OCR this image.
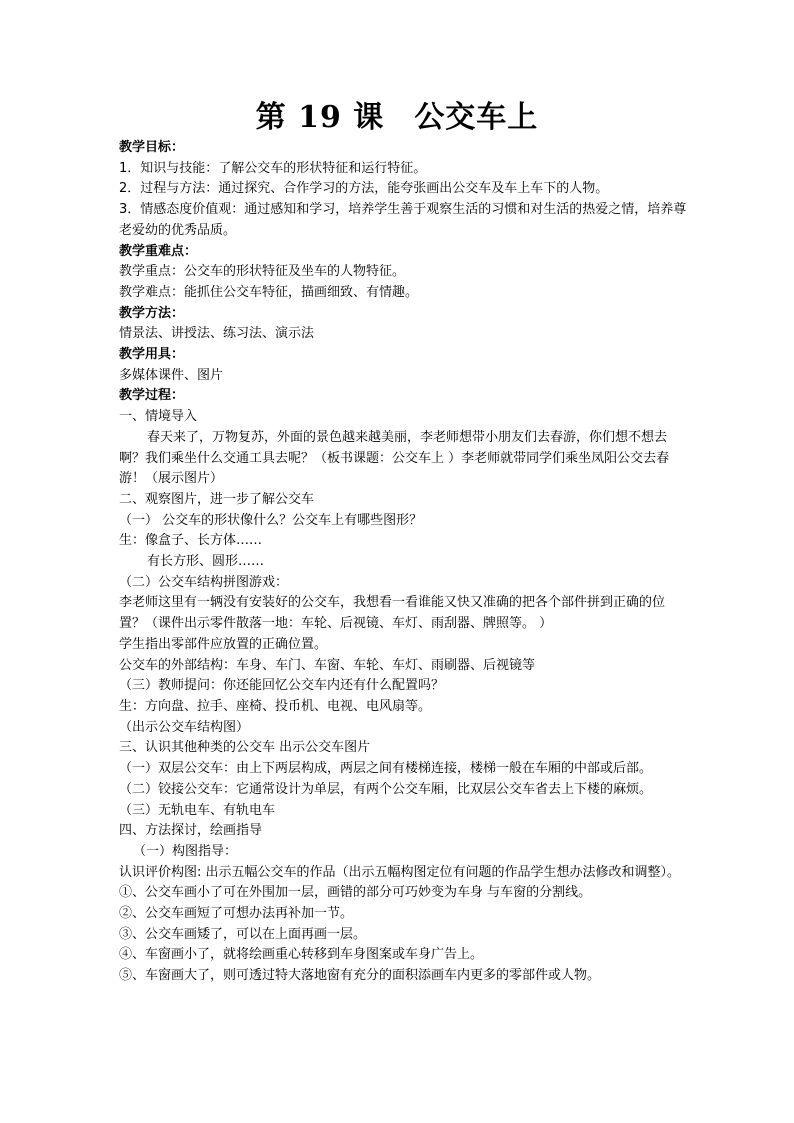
第 19 课 公交车上
教学目标：
1．知识与技能：了解公交车的形状特征和运行特征。
2．过程与方法：通过探究、合作学习的方法，能夸张画出公交车及车上车下的人物。
3．情感态度价值观：通过感知和学习，培养学生善于观察生活的习惯和对生活的热爱之情，培养尊老爱幼的优秀品质。
教学重难点：
教学重点：公交车的形状特征及坐车的人物特征。
教学难点：能抓住公交车特征，描画细致、有情趣。
教学方法：
情景法、讲授法、练习法、演示法
教学用具：
多媒体课件、图片
教学过程：
一、情境导入
春天来了，万物复苏，外面的景色越来越美丽，李老师想带小朋友们去春游，你们想不想去啊？我们乘坐什么交通工具去呢？（板书课题：公交车上 ）李老师就带同学们乘坐凤阳公交去春游！（展示图片）
二、观察图片，进一步了解公交车
（一） 公交车的形状像什么？公交车上有哪些图形？
生：像盒子、长方体……
有长方形、圆形……
（二）公交车结构拼图游戏：
李老师这里有一辆没有安装好的公交车，我想看一看谁能又快又准确的把各个部件拼到正确的位置？（课件出示零件散落一地：车轮、后视镜、车灯、雨刮器、牌照等。 ）
学生指出零部件应放置的正确位置。
公交车的外部结构：车身、车门、车窗、车轮、车灯、雨刷器、后视镜等
（三）教师提问：你还能回忆公交车内还有什么配置吗？
生：方向盘、拉手、座椅、投币机、电视、电风扇等。
（出示公交车结构图）
三、认识其他种类的公交车 出示公交车图片
（一）双层公交车：由上下两层构成，两层之间有楼梯连接，楼梯一般在车厢的中部或后部。
（二）铰接公交车：它通常设计为单层，有两个公交车厢，比双层公交车省去上下楼的麻烦。
（三）无轨电车、有轨电车
四、方法探讨，绘画指导
（一）构图指导：
认识评价构图: 出示五幅公交车的作品（出示五幅构图定位有问题的作品学生想办法修改和调整）。
①、公交车画小了可在外围加一层，画错的部分可巧妙变为车身 与车窗的分割线。
②、公交车画短了可想办法再补加一节。
③、公交车画矮了，可以在上面再画一层。
④、车窗画小了，就将绘画重心转移到车身图案或车身广告上。
⑤、车窗画大了，则可透过特大落地窗有充分的面积添画车内更多的零部件或人物。
